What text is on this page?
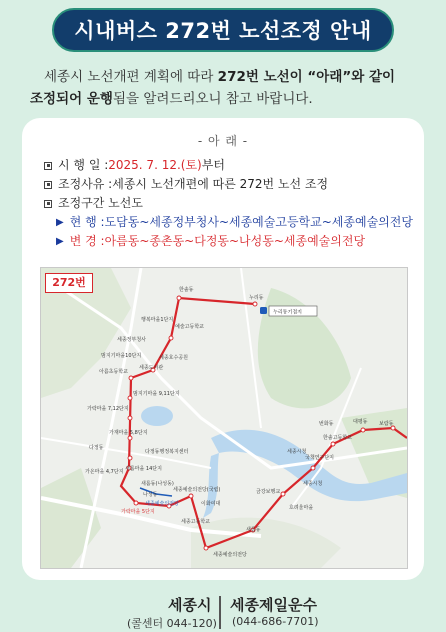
시내버스 272번 노선조정 안내
세종시 노선개편 계획에 따라 272번 노선이 “아래”와 같이
조정되어 운행됨을 알려드리오니 참고 바랍니다.
- 아 래 -
시 행 일 : 2025. 7. 12.(토) 부터
조정사유 : 세종시 노선개편에 따른 272번 노선 조정
조정구간 노선도
▶ 현 행 : 도담동~세종정부청사~세종예술고등학교~세종예술의전당
▶ 변 경 : 아름동~종촌동~다정동~나성동~세종예술의전당
누리동기점지
272번
한솔동
누리동
예술고등학교
행복마을1단지
세종호수공원
세종정부청사
범지기마을10단지
세종도서관
아름초등학교
범지기마을 9,11단지
가락마을 7,12단지
가재마을 5,8단지
다정동
다정동행정복지센터
가온마을 4,7단지 새롬마을 14단지
새롬동(나성동)
나성동
세종예술의전당
가락마을 5단지
이화여대
세종고등학교
세종예술의전당
새롬동
금강보행교
호려울마을
세종시청
국책연구단지
한솔고등학교
번화동	대평동 보람동
세종시청
세종예술의전당(국립)
세종시 세종제일운수
(콜센터 044-120) (044-686-7701)
